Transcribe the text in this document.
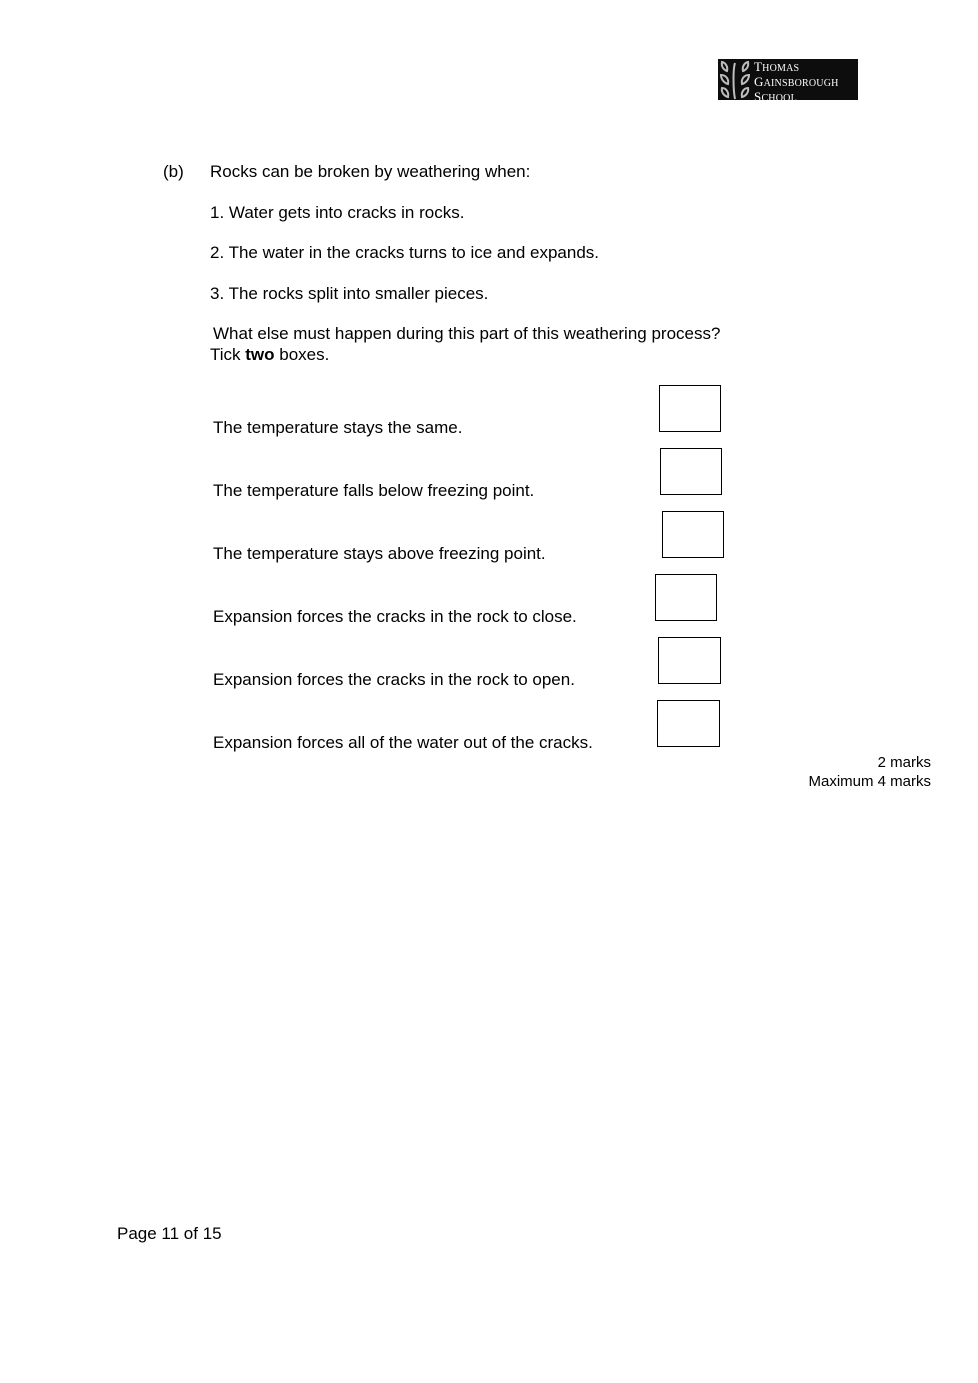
THOMAS
GAINSBOROUGH
SCHOOL
(b) Rocks can be broken by weathering when:
1. Water gets into cracks in rocks.
2. The water in the cracks turns to ice and expands.
3. The rocks split into smaller pieces.
What else must happen during this part of this weathering process?
Tick two boxes.
The temperature stays the same.
The temperature falls below freezing point.
The temperature stays above freezing point.
Expansion forces the cracks in the rock to close.
Expansion forces the cracks in the rock to open.
Expansion forces all of the water out of the cracks.
2 marks
Maximum 4 marks
Page 11 of 15
